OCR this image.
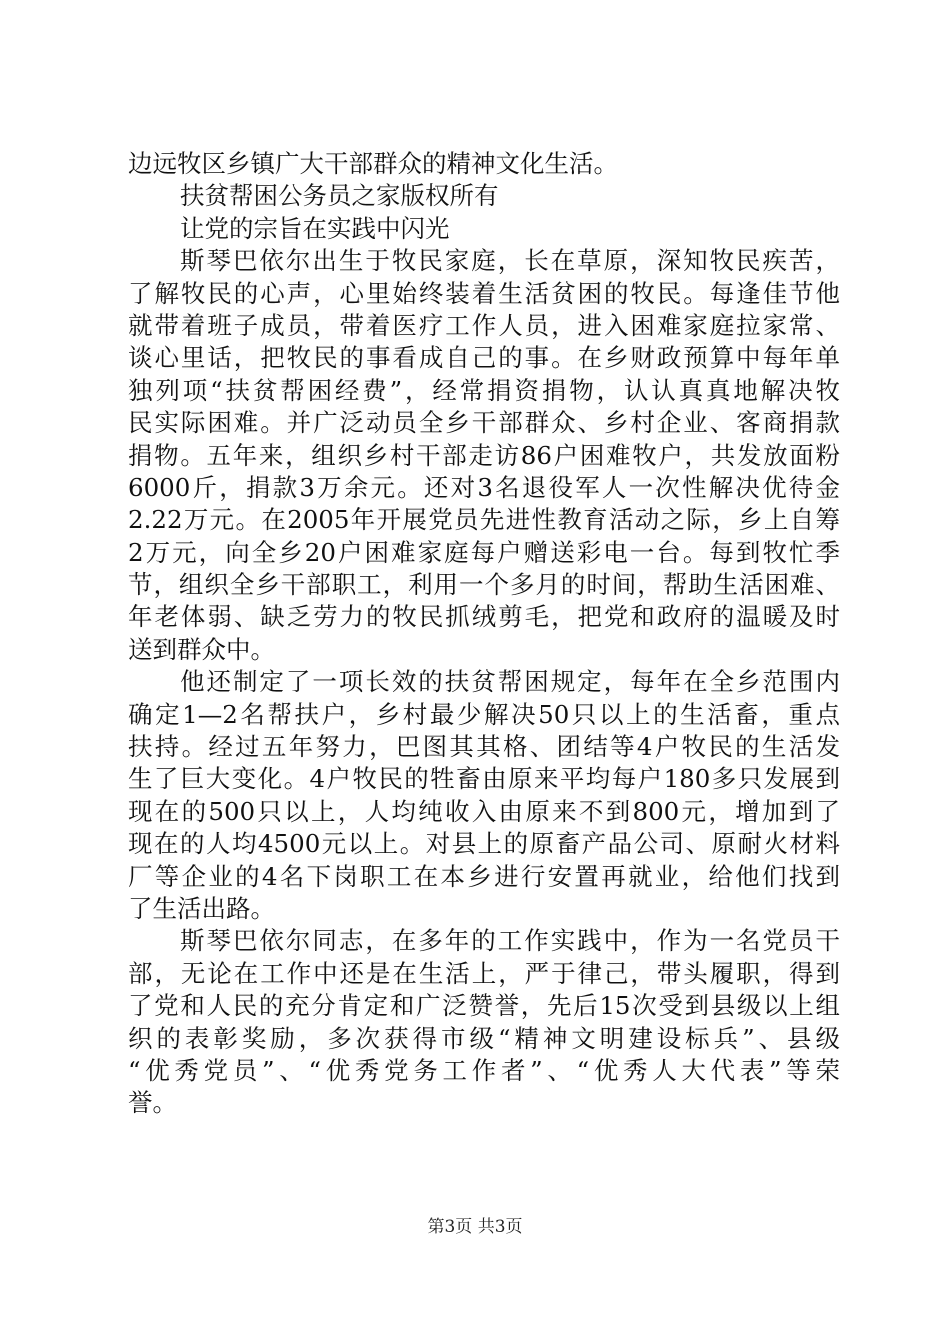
边远牧区乡镇广大干部群众的精神文化生活。
扶贫帮困公务员之家版权所有
让党的宗旨在实践中闪光
斯琴巴依尔出生于牧民家庭，长在草原，深知牧民疾苦，
了解牧民的心声，心里始终装着生活贫困的牧民。每逢佳节他
就带着班子成员，带着医疗工作人员，进入困难家庭拉家常、
谈心里话，把牧民的事看成自己的事。在乡财政预算中每年单
独列项“扶贫帮困经费”，经常捐资捐物，认认真真地解决牧
民实际困难。并广泛动员全乡干部群众、乡村企业、客商捐款
捐物。五年来，组织乡村干部走访86户困难牧户，共发放面粉
6000斤，捐款3万余元。还对3名退役军人一次性解决优待金
2.22万元。在2005年开展党员先进性教育活动之际，乡上自筹
2万元，向全乡20户困难家庭每户赠送彩电一台。每到牧忙季
节，组织全乡干部职工，利用一个多月的时间，帮助生活困难、
年老体弱、缺乏劳力的牧民抓绒剪毛，把党和政府的温暖及时
送到群众中。
他还制定了一项长效的扶贫帮困规定，每年在全乡范围内
确定1—2名帮扶户，乡村最少解决50只以上的生活畜，重点
扶持。经过五年努力，巴图其其格、团结等4户牧民的生活发
生了巨大变化。4户牧民的牲畜由原来平均每户180多只发展到
现在的500只以上，人均纯收入由原来不到800元，增加到了
现在的人均4500元以上。对县上的原畜产品公司、原耐火材料
厂等企业的4名下岗职工在本乡进行安置再就业，给他们找到
了生活出路。
斯琴巴依尔同志，在多年的工作实践中，作为一名党员干
部，无论在工作中还是在生活上，严于律己，带头履职，得到
了党和人民的充分肯定和广泛赞誉，先后15次受到县级以上组
织的表彰奖励，多次获得市级“精神文明建设标兵”、县级
“优秀党员”、“优秀党务工作者”、“优秀人大代表”等荣
誉。
第3页 共3页
